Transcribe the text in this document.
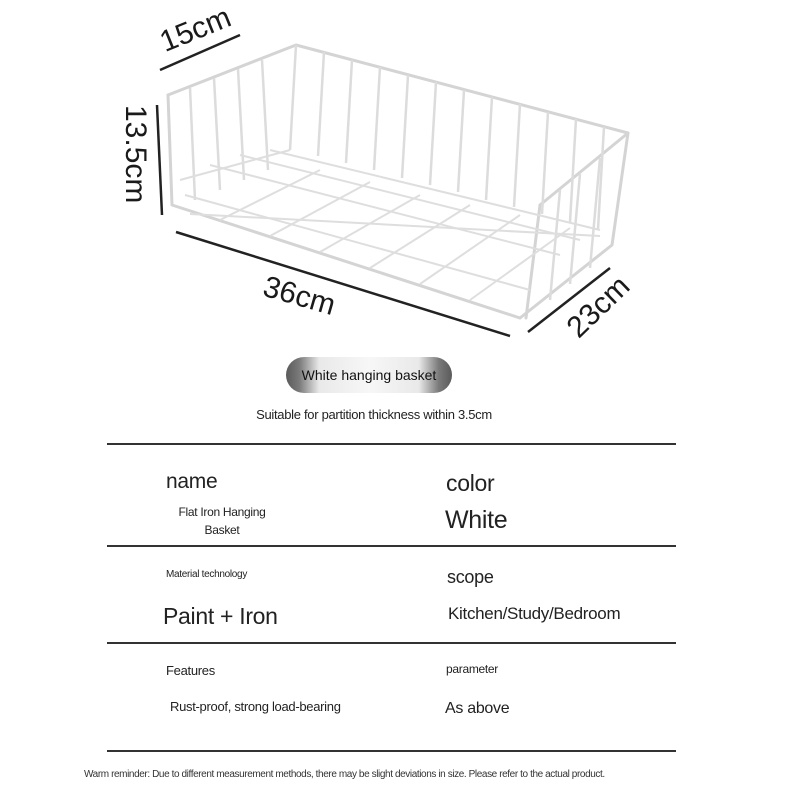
15cm
13.5cm
36cm	23cm
White hanging basket
Suitable for partition thickness within 3.5cm
name
Flat Iron Hanging Basket
color
White
Material technology
Paint + Iron
scope
Kitchen/Study/Bedroom
Features
Rust-proof, strong load-bearing
parameter
As above
Warm reminder: Due to different measurement methods, there may be slight deviations in size. Please refer to the actual product.
